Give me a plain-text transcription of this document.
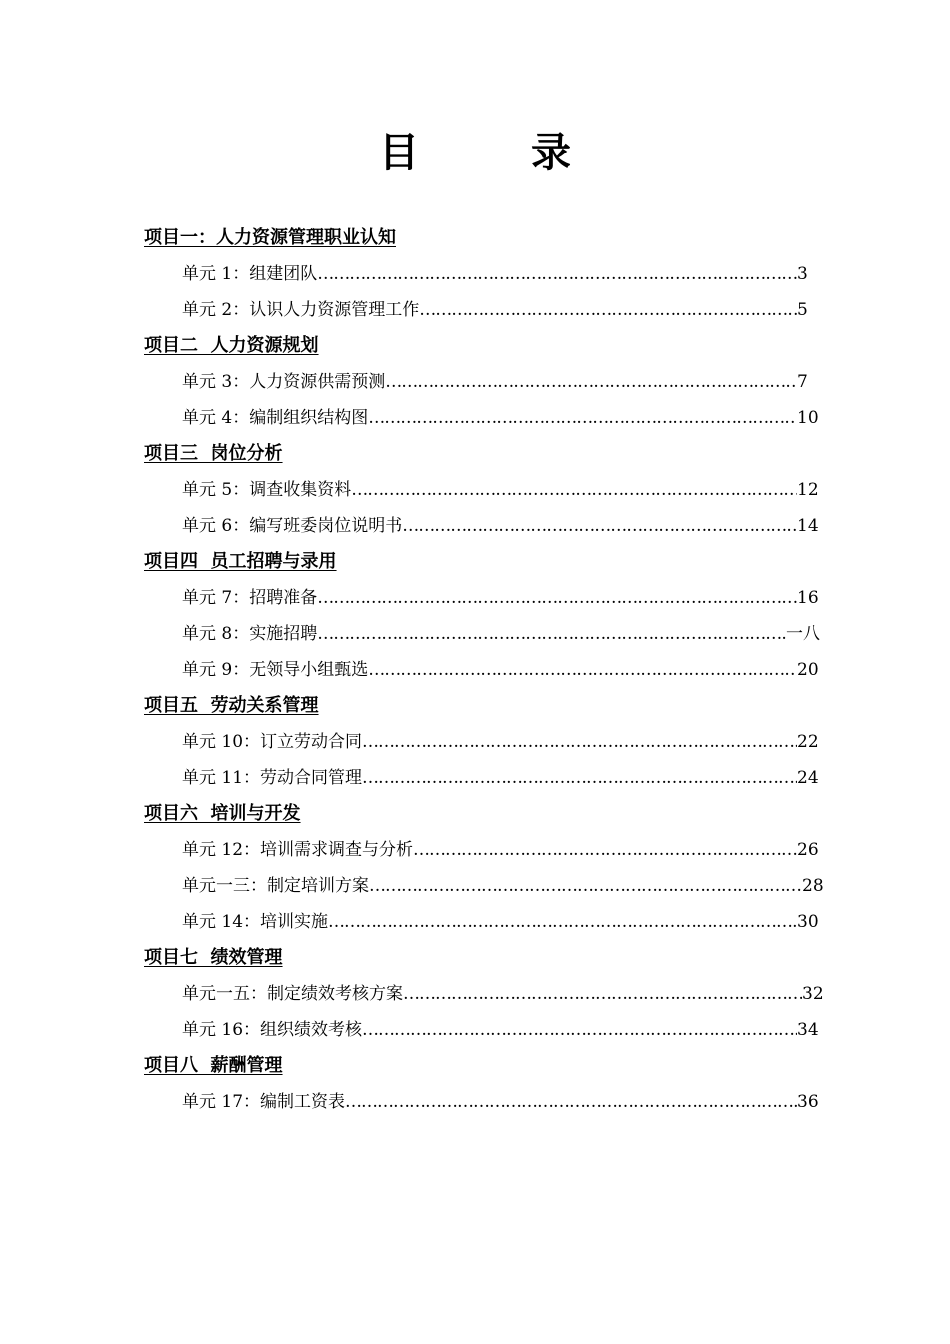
目　录
项目一：人力资源管理职业认知
单元 1：组建团队 …………………………………………………………………………………………………………………………………………	3
单元 2：认识人力资源管理工作 …………………………………………………………………………………………………………………………………………	5
项目二  人力资源规划
单元 3：人力资源供需预测 …………………………………………………………………………………………………………………………………………	7
单元 4：编制组织结构图 …………………………………………………………………………………………………………………………………………	10
项目三  岗位分析
单元 5：调查收集资料 …………………………………………………………………………………………………………………………………………	12
单元 6：编写班委岗位说明书 …………………………………………………………………………………………………………………………………………	14
项目四  员工招聘与录用
单元 7：招聘准备 …………………………………………………………………………………………………………………………………………	16
单元 8：实施招聘 …………………………………………………………………………………………………………………………………………	一八
单元 9：无领导小组甄选 …………………………………………………………………………………………………………………………………………	20
项目五  劳动关系管理
单元 10：订立劳动合同 …………………………………………………………………………………………………………………………………………	22
单元 11：劳动合同管理 …………………………………………………………………………………………………………………………………………	24
项目六  培训与开发
单元 12：培训需求调查与分析 …………………………………………………………………………………………………………………………………………	26
单元一三：制定培训方案 …………………………………………………………………………………………………………………………………………	28
单元 14：培训实施 …………………………………………………………………………………………………………………………………………	30
项目七  绩效管理
单元一五：制定绩效考核方案 …………………………………………………………………………………………………………………………………………	32
单元 16：组织绩效考核 …………………………………………………………………………………………………………………………………………	34
项目八  薪酬管理
单元 17：编制工资表 …………………………………………………………………………………………………………………………………………	36
